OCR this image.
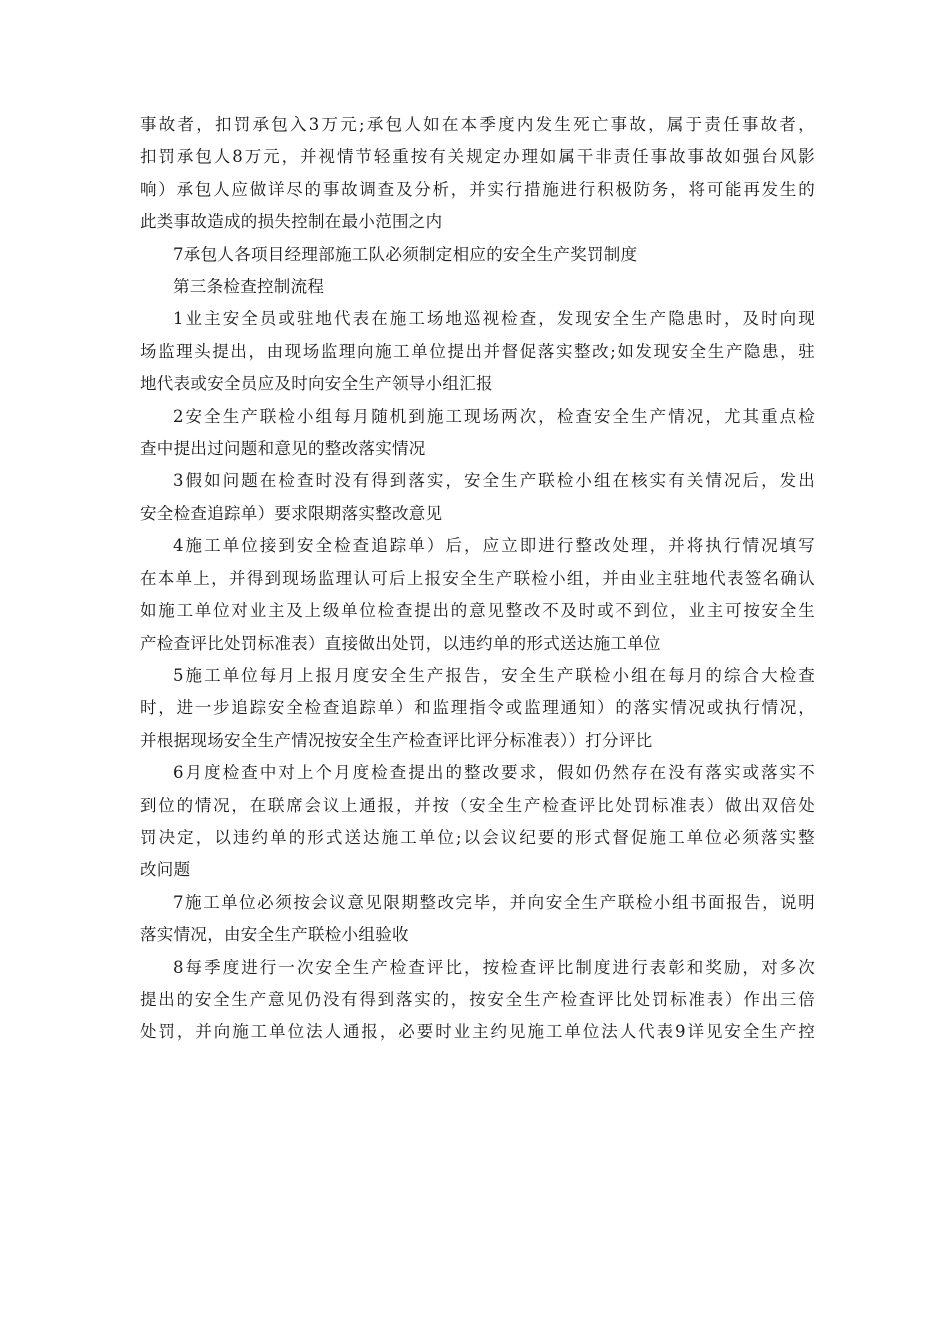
事故者，扣罚承包入3万元;承包人如在本季度内发生死亡事故，属于责任事故者，
扣罚承包人8万元，并视情节轻重按有关规定办理如属干非责任事故事故如强台风影
响）承包人应做详尽的事故调查及分析，并实行措施进行积极防务，将可能再发生的
此类事故造成的损失控制在最小范围之内

7承包人各项目经理部施工队必须制定相应的安全生产奖罚制度

第三条检查控制流程

1业主安全员或驻地代表在施工场地巡视检查，发现安全生产隐患时，及时向现
场监理头提出，由现场监理向施工单位提出并督促落实整改;如发现安全生产隐患，驻
地代表或安全员应及时向安全生产领导小组汇报

2安全生产联检小组每月随机到施工现场两次，检查安全生产情况，尤其重点检
查中提出过问题和意见的整改落实情况

3假如问题在检查时没有得到落实，安全生产联检小组在核实有关情况后，发出
安全检查追踪单）要求限期落实整改意见

4施工单位接到安全检查追踪单）后，应立即进行整改处理，并将执行情况填写
在本单上，并得到现场监理认可后上报安全生产联检小组，并由业主驻地代表签名确认
如施工单位对业主及上级单位检查提出的意见整改不及时或不到位，业主可按安全生
产检查评比处罚标准表）直接做出处罚，以违约单的形式送达施工单位

5施工单位每月上报月度安全生产报告，安全生产联检小组在每月的综合大检查
时，进一步追踪安全检查追踪单）和监理指令或监理通知）的落实情况或执行情况，
并根据现场安全生产情况按安全生产检查评比评分标准表））打分评比

6月度检查中对上个月度检查提出的整改要求，假如仍然存在没有落实或落实不
到位的情况，在联席会议上通报，并按（安全生产检查评比处罚标准表）做出双倍处
罚决定，以违约单的形式送达施工单位;以会议纪要的形式督促施工单位必须落实整
改问题

7施工单位必须按会议意见限期整改完毕，并向安全生产联检小组书面报告，说明
落实情况，由安全生产联检小组验收

8每季度进行一次安全生产检查评比，按检查评比制度进行表彰和奖励，对多次
提出的安全生产意见仍没有得到落实的，按安全生产检查评比处罚标准表）作出三倍
处罚，并向施工单位法人通报，必要时业主约见施工单位法人代表9详见安全生产控
